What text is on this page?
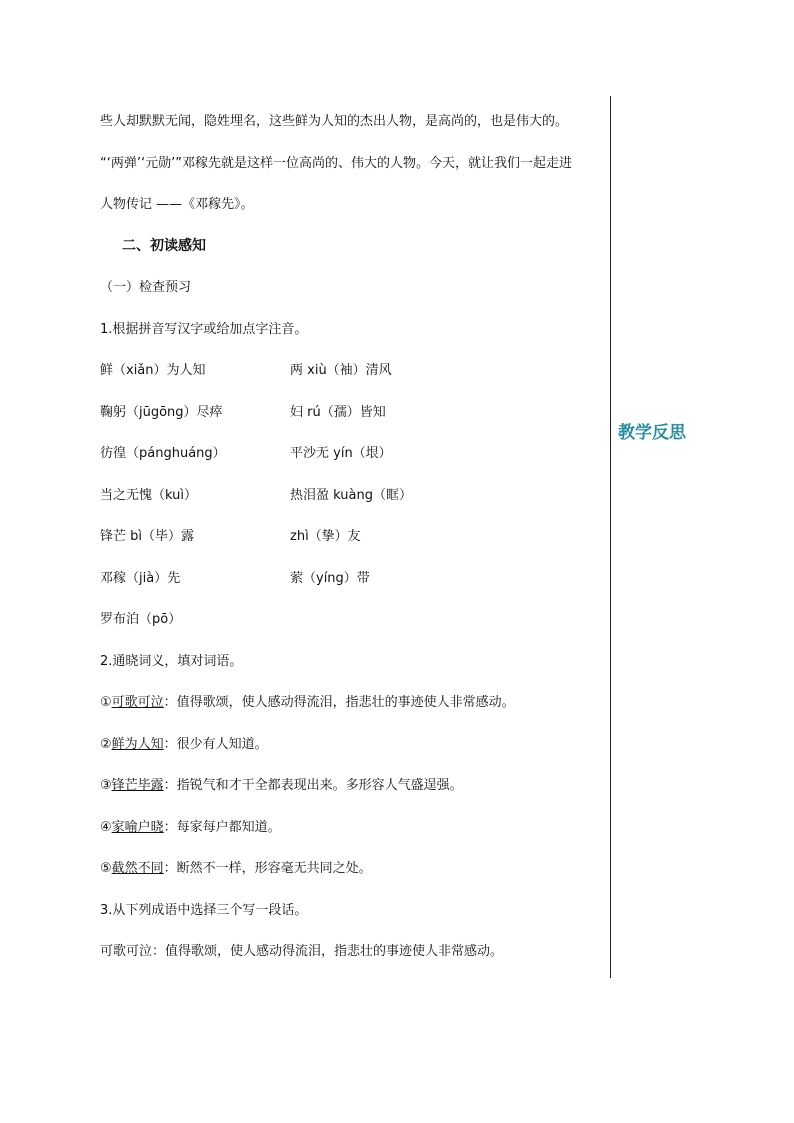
些人却默默无闻，隐姓埋名，这些鲜为人知的杰出人物，是高尚的，也是伟大的。
“‘两弹’‘元勋’”邓稼先就是这样一位高尚的、伟大的人物。今天，就让我们一起走进
人物传记 ——《邓稼先》。
二、初读感知
（一）检查预习
1.根据拼音写汉字或给加点字注音。
鲜（xiǎn）为人知	两 xiù（袖）清风
鞠躬（jūgōng）尽瘁	妇 rú（孺）皆知
彷徨（pánghuáng）	平沙无 yín（垠）
当之无愧（kuì）	热泪盈 kuàng（眶）
锋芒 bì（毕）露	zhì（挚）友
邓稼（jià）先	萦（yíng）带
罗布泊（pō）
2.通晓词义，填对词语。
①可歌可泣：值得歌颂，使人感动得流泪，指悲壮的事迹使人非常感动。
②鲜为人知：很少有人知道。
③锋芒毕露：指锐气和才干全都表现出来。多形容人气盛逞强。
④家喻户晓：每家每户都知道。
⑤截然不同：断然不一样，形容毫无共同之处。
3.从下列成语中选择三个写一段话。
可歌可泣：值得歌颂，使人感动得流泪，指悲壮的事迹使人非常感动。
教学反思
